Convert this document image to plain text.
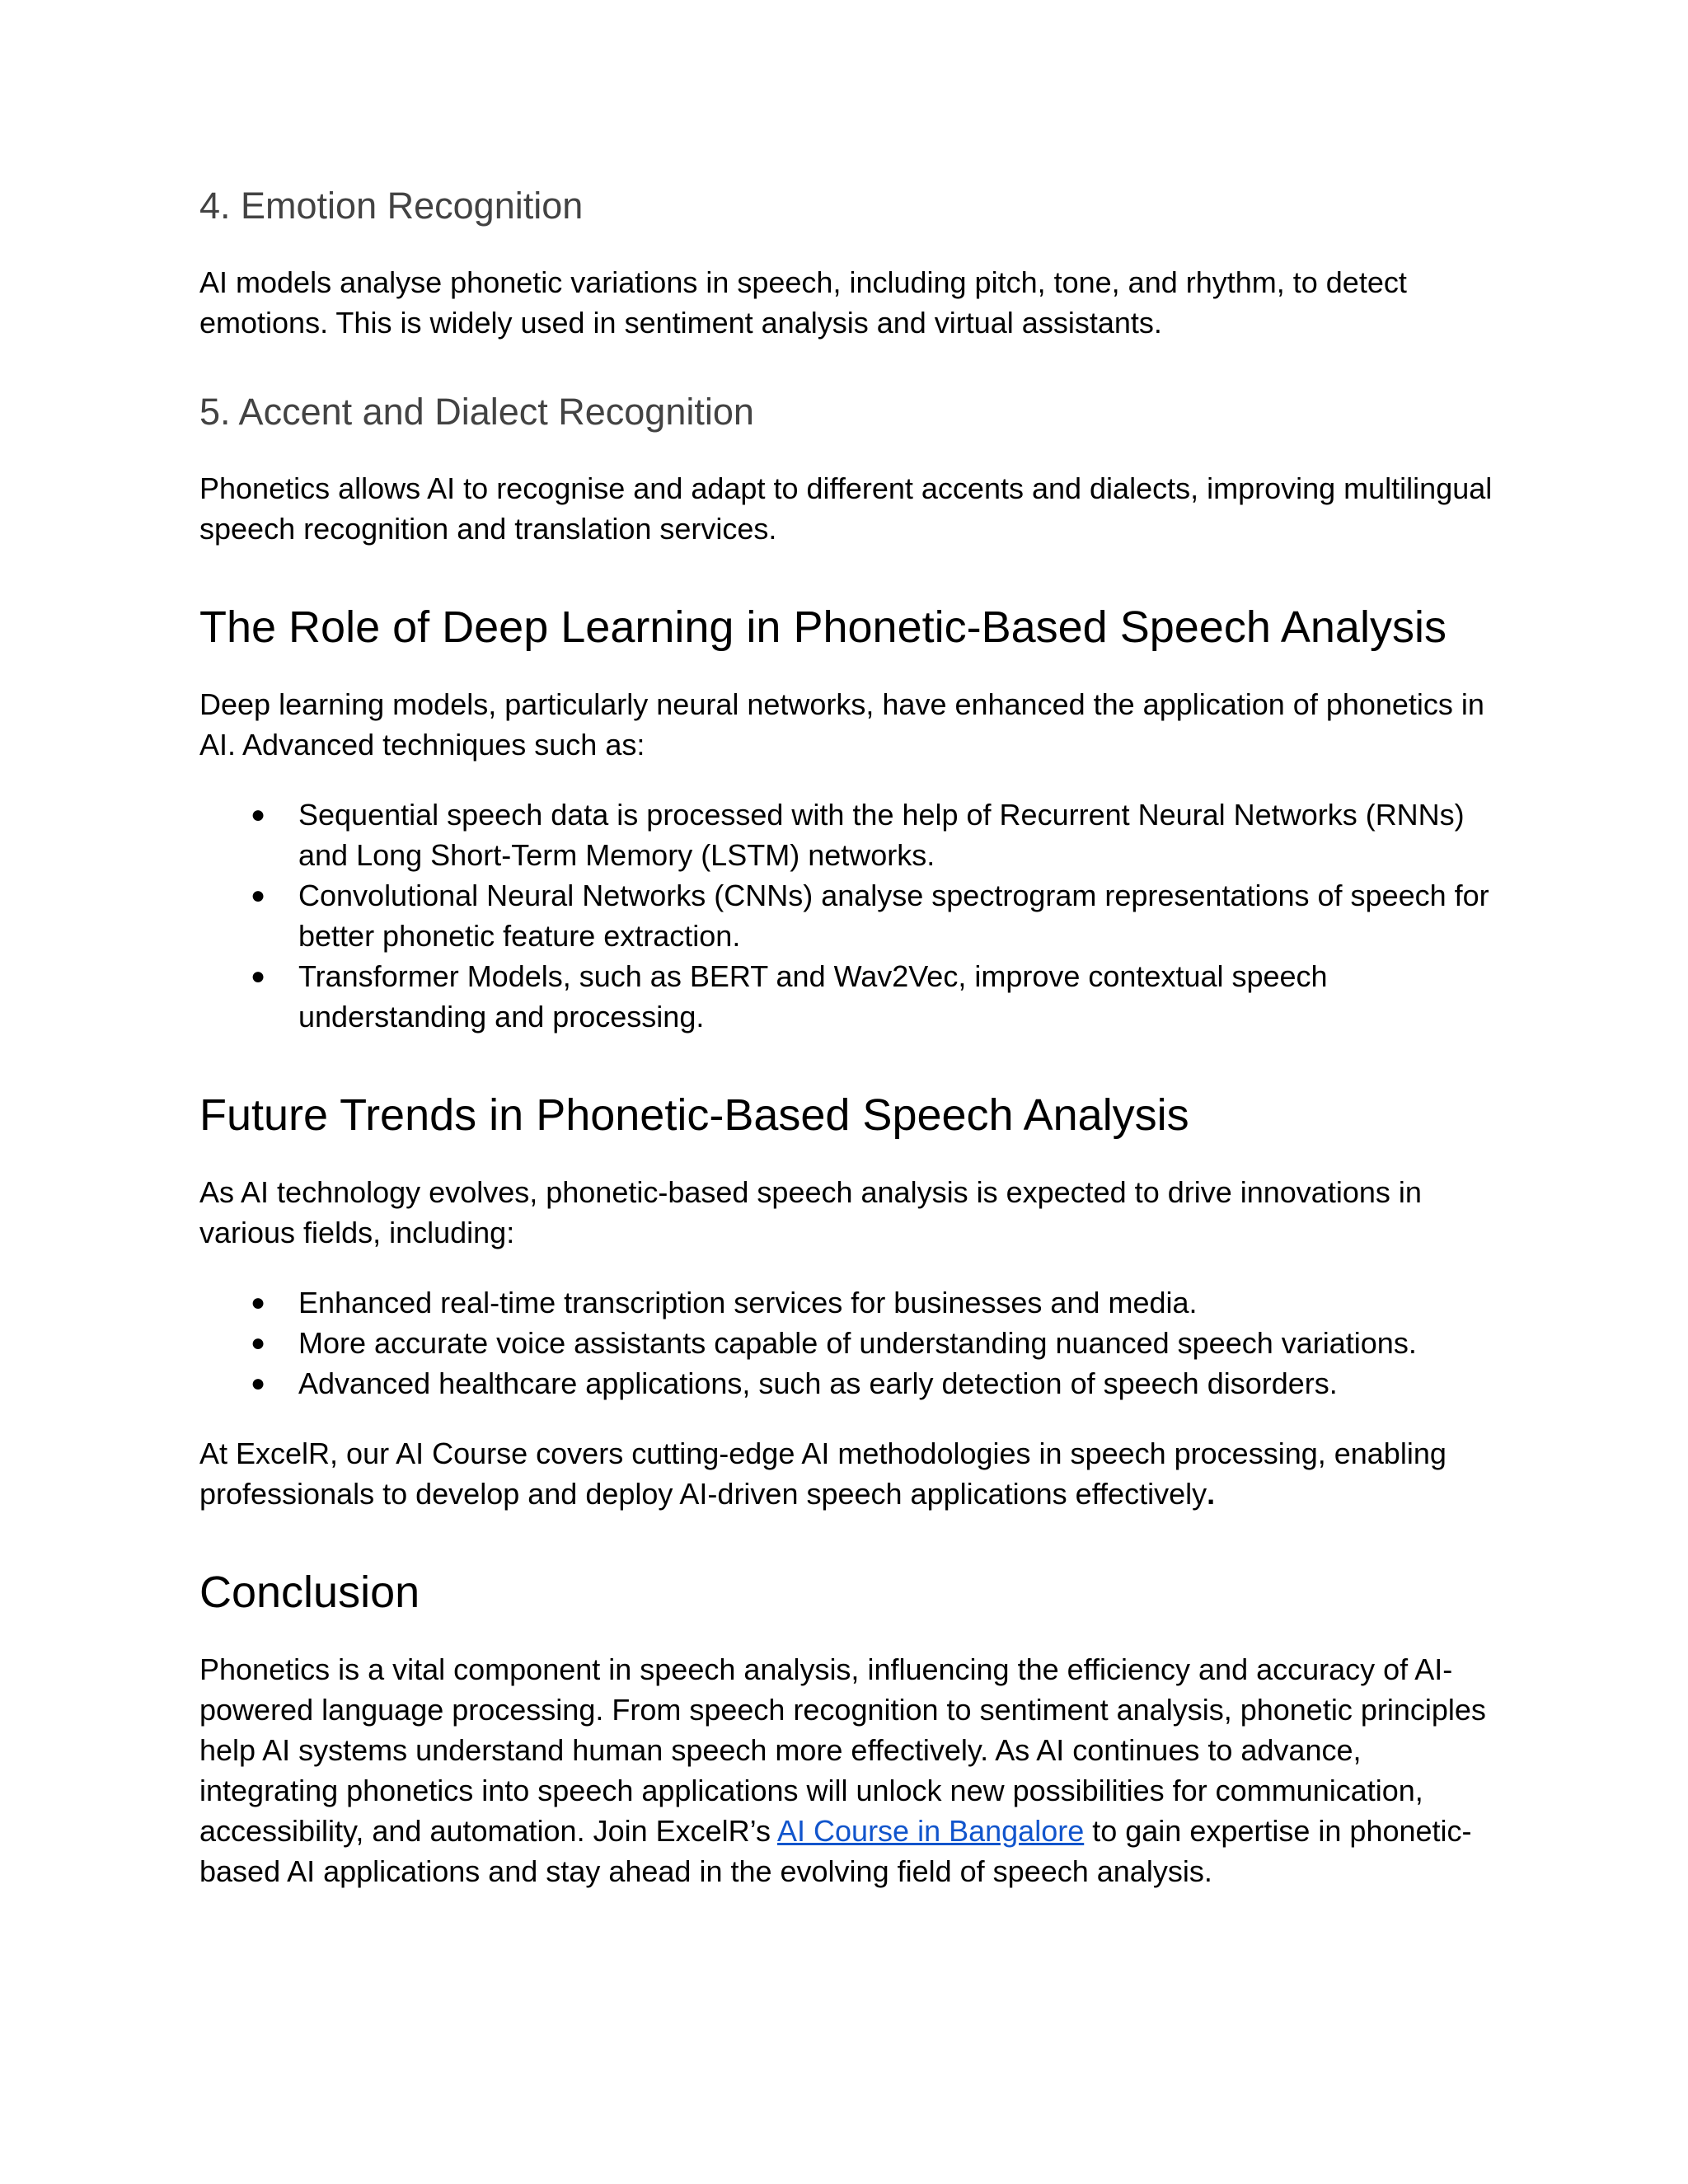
4. Emotion Recognition

AI models analyse phonetic variations in speech, including pitch, tone, and rhythm, to detect emotions. This is widely used in sentiment analysis and virtual assistants.

5. Accent and Dialect Recognition

Phonetics allows AI to recognise and adapt to different accents and dialects, improving multilingual speech recognition and translation services.

The Role of Deep Learning in Phonetic-Based Speech Analysis

Deep learning models, particularly neural networks, have enhanced the application of phonetics in AI. Advanced techniques such as:

● Sequential speech data is processed with the help of Recurrent Neural Networks (RNNs) and Long Short-Term Memory (LSTM) networks.
● Convolutional Neural Networks (CNNs) analyse spectrogram representations of speech for better phonetic feature extraction.
● Transformer Models, such as BERT and Wav2Vec, improve contextual speech understanding and processing.
Future Trends in Phonetic-Based Speech Analysis

As AI technology evolves, phonetic-based speech analysis is expected to drive innovations in various fields, including:

● Enhanced real-time transcription services for businesses and media.
● More accurate voice assistants capable of understanding nuanced speech variations.
● Advanced healthcare applications, such as early detection of speech disorders.

At ExcelR, our AI Course covers cutting-edge AI methodologies in speech processing, enabling professionals to develop and deploy AI-driven speech applications effectively.

Conclusion

Phonetics is a vital component in speech analysis, influencing the efficiency and accuracy of AI-powered language processing. From speech recognition to sentiment analysis, phonetic principles help AI systems understand human speech more effectively. As AI continues to advance, integrating phonetics into speech applications will unlock new possibilities for communication, accessibility, and automation. Join ExcelR’s AI Course in Bangalore to gain expertise in phonetic-based AI applications and stay ahead in the evolving field of speech analysis.
